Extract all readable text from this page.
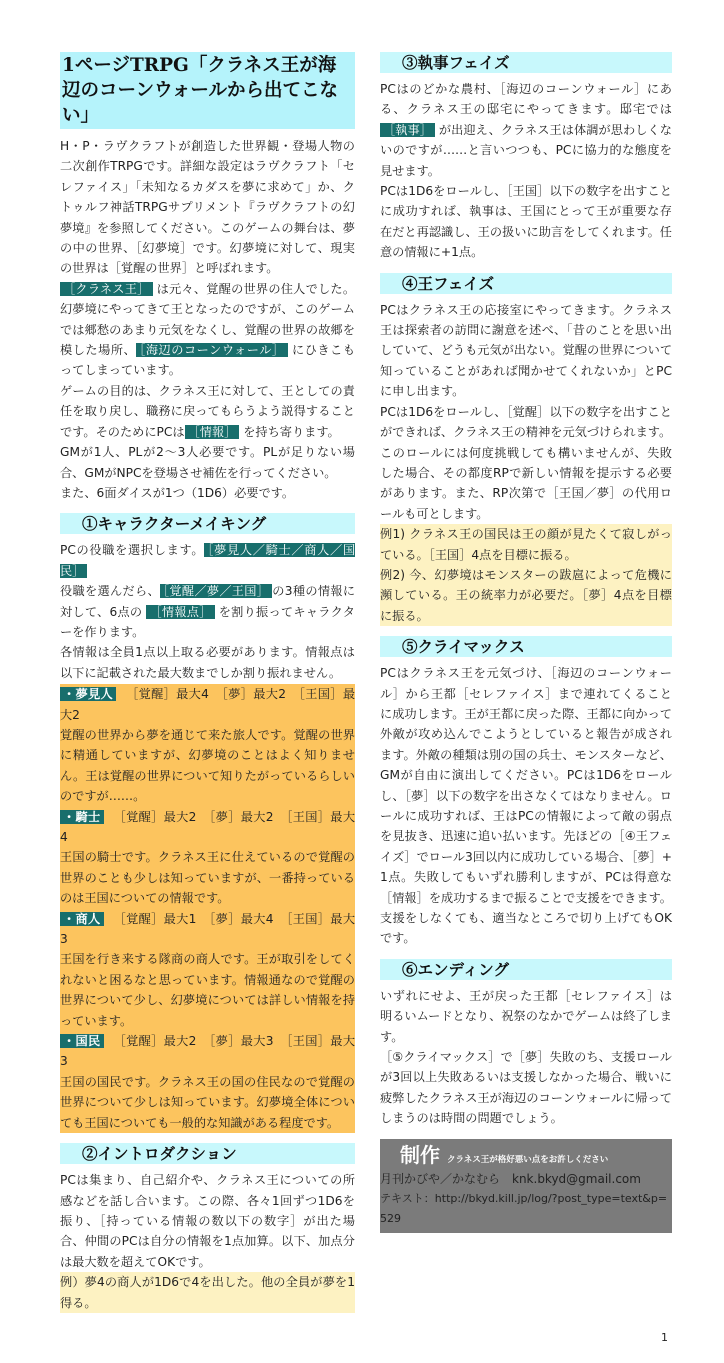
1ページTRPG「クラネス王が海辺のコーンウォールから出てこない」

H・P・ラヴクラフトが創造した世界観・登場人物の二次創作TRPGです。詳細な設定はラヴクラフト「セレファイス」「未知なるカダスを夢に求めて」か、クトゥルフ神話TRPGサプリメント『ラヴクラフトの幻夢境』を参照してください。このゲームの舞台は、夢の中の世界、［幻夢境］です。幻夢境に対して、現実の世界は［覚醒の世界］と呼ばれます。

［クラネス王］ は元々、覚醒の世界の住人でした。幻夢境にやってきて王となったのですが、このゲームでは郷愁のあまり元気をなくし、覚醒の世界の故郷を模した場所、 ［海辺のコーンウォール］ にひきこもってしまっています。

ゲームの目的は、クラネス王に対して、王としての責任を取り戻し、職務に戻ってもらうよう説得することです。そのためにPCは ［情報］ を持ち寄ります。

GMが1人、PLが2～3人必要です。PLが足りない場合、GMがNPCを登場させ補佐を行ってください。

また、6面ダイスが1つ（1D6）必要です。

①キャラクターメイキング

PCの役職を選択します。 ［夢見人／騎士／商人／国民］

役職を選んだら、 ［覚醒／夢／王国］ の3種の情報に対して、6点の ［情報点］ を割り振ってキャラクターを作ります。

各情報は全員1点以上取る必要があります。情報点は以下に記載された最大数までしか割り振れません。

・夢見人 ［覚醒］最大4　［夢］最大2　［王国］最大2

覚醒の世界から夢を通じて来た旅人です。覚醒の世界に精通していますが、幻夢境のことはよく知りません。王は覚醒の世界について知りたがっているらしいのですが……。

・騎士 ［覚醒］最大2　［夢］最大2　［王国］最大4

王国の騎士です。クラネス王に仕えているので覚醒の世界のことも少しは知っていますが、一番持っているのは王国についての情報です。

・商人 ［覚醒］最大1　［夢］最大4　［王国］最大3

王国を行き来する隊商の商人です。王が取引をしてくれないと困るなと思っています。情報通なので覚醒の世界について少し、幻夢境については詳しい情報を持っています。

・国民 ［覚醒］最大2　［夢］最大3　［王国］最大3

王国の国民です。クラネス王の国の住民なので覚醒の世界について少しは知っています。幻夢境全体についても王国についても一般的な知識がある程度です。

②イントロダクション

PCは集まり、自己紹介や、クラネス王についての所感などを話し合います。この際、各々1回ずつ1D6を振り、［持っている情報の数以下の数字］が出た場合、仲間のPCは自分の情報を1点加算。以下、加点分は最大数を超えてOKです。

例）夢4の商人が1D6で4を出した。他の全員が夢を1得る。

③執事フェイズ

PCはのどかな農村、［海辺のコーンウォール］にある、クラネス王の邸宅にやってきます。邸宅では ［執事］ が出迎え、クラネス王は体調が思わしくないのですが……と言いつつも、PCに協力的な態度を見せます。

PCは1D6をロールし、［王国］以下の数字を出すことに成功すれば、執事は、王国にとって王が重要な存在だと再認識し、王の扱いに助言をしてくれます。任意の情報に+1点。

④王フェイズ

PCはクラネス王の応接室にやってきます。クラネス王は探索者の訪問に謝意を述べ、「昔のことを思い出していて、どうも元気が出ない。覚醒の世界について知っていることがあれば聞かせてくれないか」とPCに申し出ます。

PCは1D6をロールし、［覚醒］以下の数字を出すことができれば、クラネス王の精神を元気づけられます。

このロールには何度挑戦しても構いませんが、失敗した場合、その都度RPで新しい情報を提示する必要があります。また、RP次第で［王国／夢］の代用ロールも可とします。

例1) クラネス王の国民は王の顔が見たくて寂しがっている。［王国］4点を目標に振る。

例2) 今、幻夢境はモンスターの跋扈によって危機に瀕している。王の統率力が必要だ。［夢］4点を目標に振る。

⑤クライマックス

PCはクラネス王を元気づけ、［海辺のコーンウォール］から王都［セレファイス］まで連れてくることに成功します。王が王都に戻った際、王都に向かって外敵が攻め込んでこようとしていると報告が成されます。外敵の種類は別の国の兵士、モンスターなど、GMが自由に演出してください。PCは1D6をロールし、［夢］以下の数字を出さなくてはなりません。ロールに成功すれば、王はPCの情報によって敵の弱点を見抜き、迅速に追い払います。先ほどの［④王フェイズ］でロール3回以内に成功している場合、［夢］+1点。失敗してもいずれ勝利しますが、PCは得意な［情報］を成功するまで振ることで支援をできます。支援をしなくても、適当なところで切り上げてもOKです。

⑥エンディング

いずれにせよ、王が戻った王都［セレファイス］は明るいムードとなり、祝祭のなかでゲームは終了します。

［⑤クライマックス］で［夢］失敗のち、支援ロールが3回以上失敗あるいは支援しなかった場合、戦いに疲弊したクラネス王が海辺のコーンウォールに帰ってしまうのは時間の問題でしょう。

制作 クラネス王が格好悪い点をお許しください
月刊かびや／かなむら　knk.bkyd@gmail.com
テキスト：http://bkyd.kill.jp/log/?post_type=text&p=529
1
